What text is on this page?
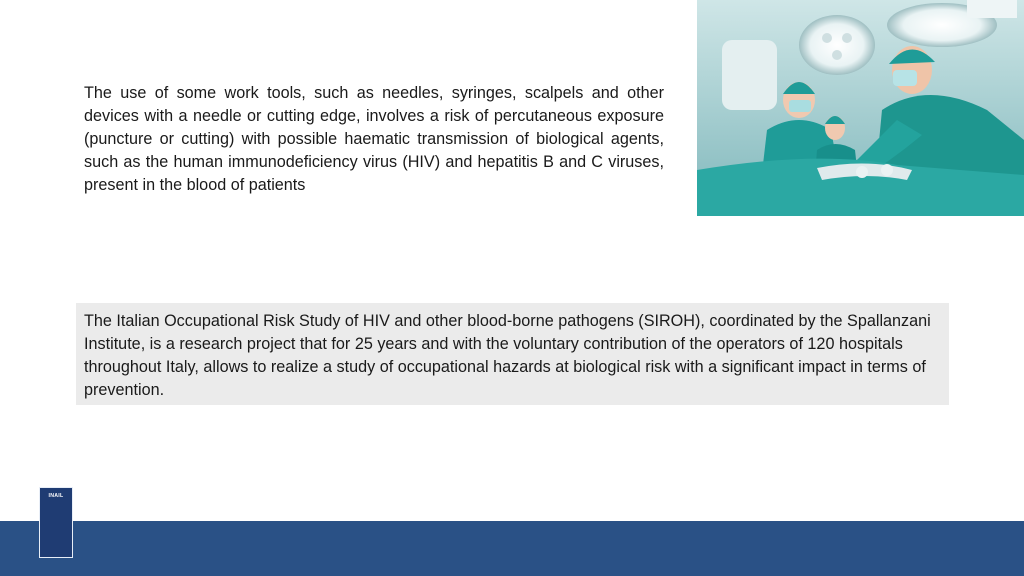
The use of some work tools, such as needles, syringes, scalpels and other devices with a needle or cutting edge, involves a risk of percutaneous exposure (puncture or cutting) with possible haematic transmission of biological agents, such as the human immunodeficiency virus (HIV) and hepatitis B and C viruses, present in the blood of patients

The Italian Occupational Risk Study of HIV and other blood-borne pathogens (SIROH), coordinated by the Spallanzani Institute, is a research project that for 25 years and with the voluntary contribution of the operators of 120 hospitals throughout Italy, allows to realize a study of occupational hazards at biological risk with a significant impact in terms of prevention.

INAIL
